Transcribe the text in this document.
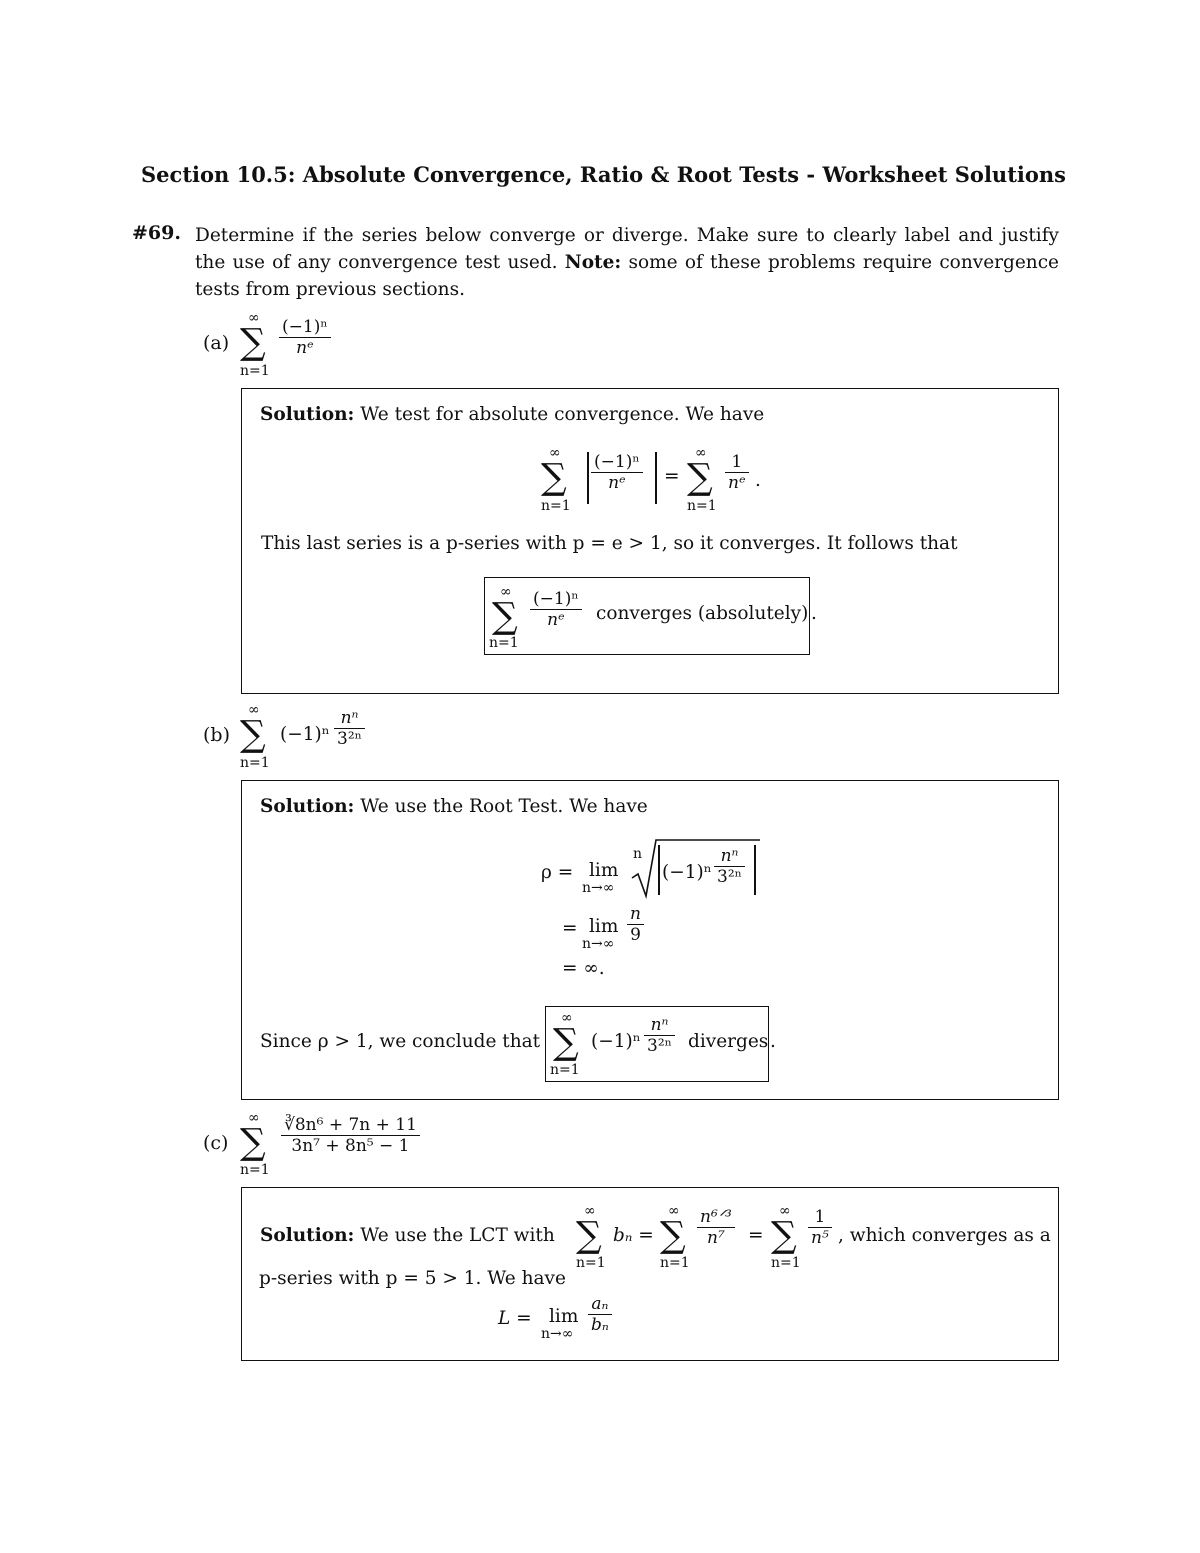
Section 10.5: Absolute Convergence, Ratio & Root Tests - Worksheet Solutions
#69. Determine if the series below converge or diverge. Make sure to clearly label and justify the use of any convergence test used. Note: some of these problems require convergence tests from previous sections.
(a)
∞
∑
n=1
(−1)ⁿ
nᵉ
Solution: We test for absolute convergence. We have
∞
∑
n=1
(−1)ⁿ
nᵉ =
∞
∑
n=1
1
nᵉ .
This last series is a p-series with p = e > 1, so it converges. It follows that
∞
∑
n=1
(−1)ⁿ
nᵉ converges (absolutely) .
(b)
∞
∑
n=1
(−1)ⁿ
nⁿ
3²ⁿ
Solution: We use the Root Test. We have
ρ = lim
n→∞
n
(−1)ⁿ
nⁿ
3²ⁿ
= lim
n→∞
n
9
= ∞.
Since ρ > 1, we conclude that
∞
∑
n=1
(−1)ⁿ
nⁿ
3²ⁿ diverges .
(c)
∞
∑
n=1
∛8n⁶ + 7n + 11
3n⁷ + 8n⁵ − 1
Solution: We use the LCT with
∞
∑
n=1
bₙ =
∞
∑
n=1
n⁶ᐟ³
n⁷ =
∞
∑
n=1
1
n⁵ , which converges as a
p-series with p = 5 > 1. We have
L = lim
n→∞
aₙ
bₙ
